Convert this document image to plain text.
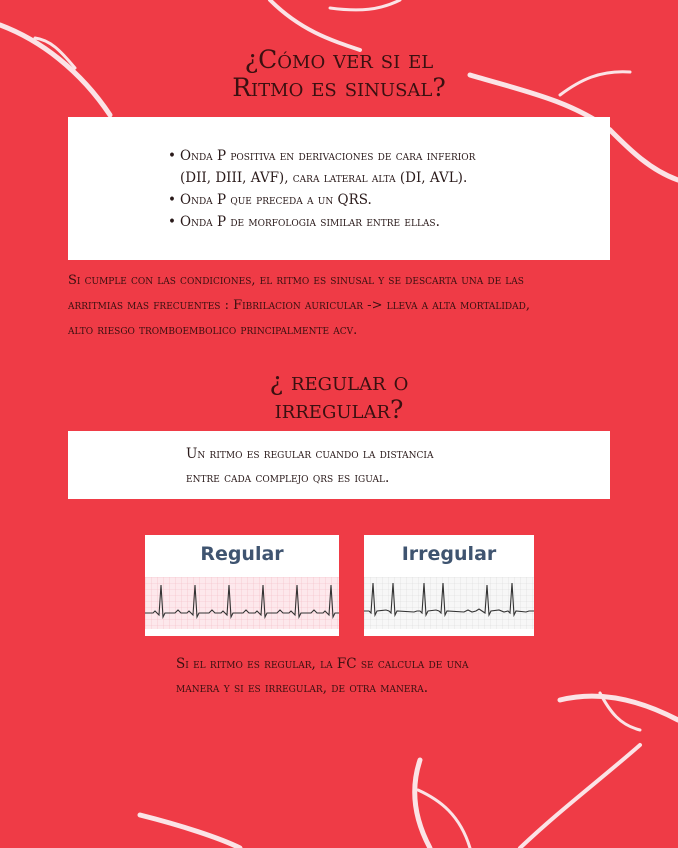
¿Cómo ver si el
Ritmo es sinusal?
• Onda P positiva en derivaciones de cara inferior
(DII, DIII, AVF), cara lateral alta (DI, AVL).
• Onda P que preceda a un QRS.
• Onda P de morfologia similar entre ellas.

Si cumple con las condiciones, el ritmo es sinusal y se descarta una de las
arritmias mas frecuentes : Fibrilacion auricular -> lleva a alta mortalidad,
alto riesgo tromboembolico principalmente acv.

¿ regular o
irregular?

Un ritmo es regular cuando la distancia
entre cada complejo qrs es igual.

Regular	Irregular

Si el ritmo es regular, la FC se calcula de una
manera y si es irregular, de otra manera.
